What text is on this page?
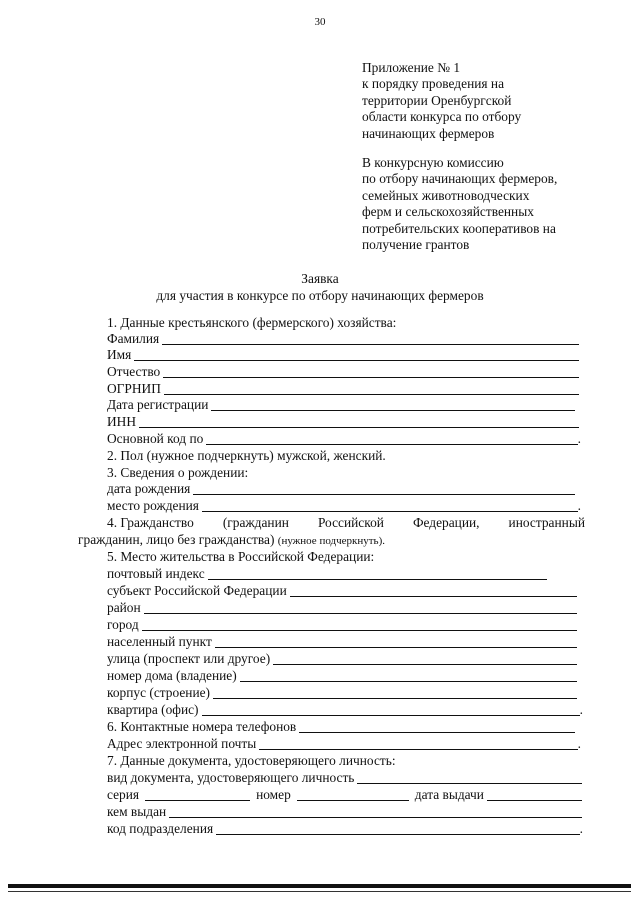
30
Приложение № 1
к порядку проведения на
территории Оренбургской
области конкурса по отбору
начинающих фермеров
В конкурсную комиссию
по отбору начинающих фермеров,
семейных животноводческих
ферм и сельскохозяйственных
потребительских кооперативов на
получение грантов
Заявка
для участия в конкурсе по отбору начинающих фермеров
1. Данные крестьянского (фермерского) хозяйства:
Фамилия
Имя
Отчество
ОГРНИП
Дата регистрации
ИНН
Основной код по	.
2. Пол (нужное подчеркнуть) мужской, женский.
3. Сведения о рождении:
дата рождения
место рождения	.
4. Гражданство (гражданин Российской Федерации, иностранный
гражданин, лицо без гражданства) (нужное подчеркнуть).
5. Место жительства в Российской Федерации:
почтовый индекс
субъект Российской Федерации
район
город
населенный пункт
улица (проспект или другое)
номер дома (владение)
корпус (строение)
квартира (офис)	.
6. Контактные номера телефонов
Адрес электронной почты	.
7. Данные документа, удостоверяющего личность:
вид документа, удостоверяющего личность
серия	номер	дата выдачи
кем выдан
код подразделения	.
